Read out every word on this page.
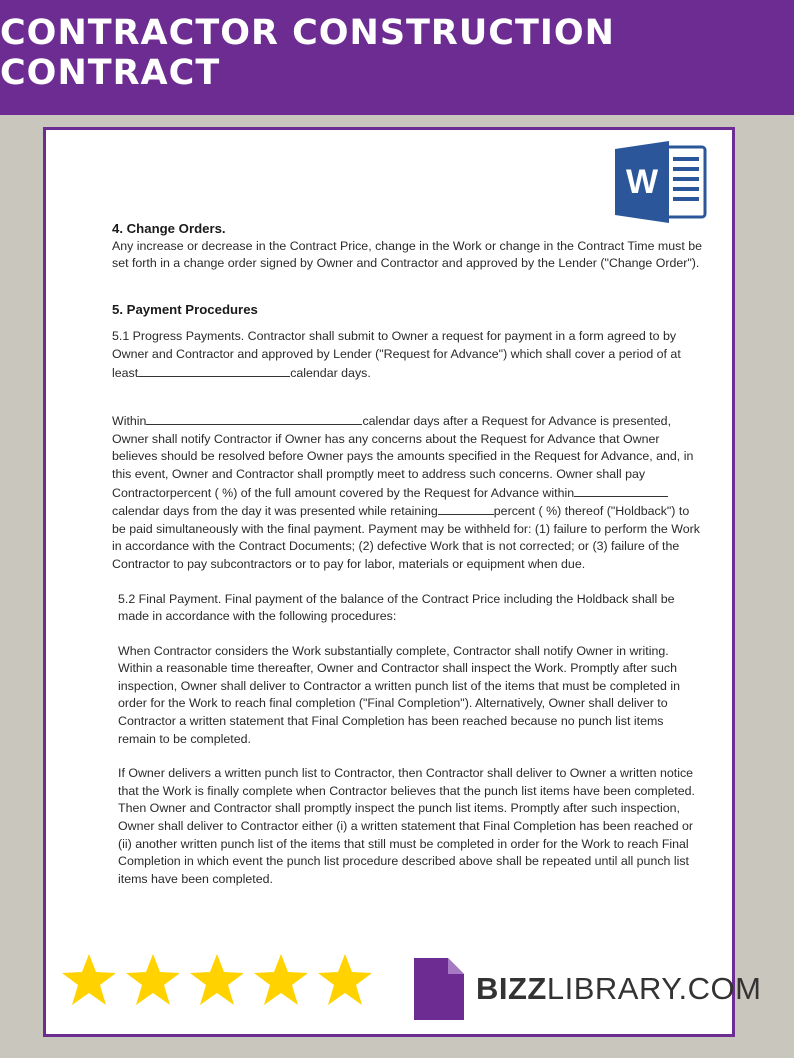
CONTRACTOR CONSTRUCTION CONTRACT
W

4. Change Orders.

Any increase or decrease in the Contract Price, change in the Work or change in the Contract Time must be set forth in a change order signed by Owner and Contractor and approved by the Lender ("Change Order").

5. Payment Procedures

5.1 Progress Payments. Contractor shall submit to Owner a request for payment in a form agreed to by Owner and Contractor and approved by Lender ("Request for Advance") which shall cover a period of at least	calendar days.

Within	calendar days after a Request for Advance is presented, Owner shall notify Contractor if Owner has any concerns about the Request for Advance that Owner believes should be resolved before Owner pays the amounts specified in the Request for Advance, and, in this event, Owner and Contractor shall promptly meet to address such concerns. Owner shall pay Contractorpercent ( %) of the full amount covered by the Request for Advance withincalendar days from the day it was presented while retaining	percent ( %) thereof ("Holdback") to be paid simultaneously with the final payment. Payment may be withheld for: (1) failure to perform the Work in accordance with the Contract Documents; (2) defective Work that is not corrected; or (3) failure of the Contractor to pay subcontractors or to pay for labor, materials or equipment when due.

5.2 Final Payment. Final payment of the balance of the Contract Price including the Holdback shall be made in accordance with the following procedures:

When Contractor considers the Work substantially complete, Contractor shall notify Owner in writing. Within a reasonable time thereafter, Owner and Contractor shall inspect the Work. Promptly after such inspection, Owner shall deliver to Contractor a written punch list of the items that must be completed in order for the Work to reach final completion ("Final Completion"). Alternatively, Owner shall deliver to Contractor a written statement that Final Completion has been reached because no punch list items remain to be completed.

If Owner delivers a written punch list to Contractor, then Contractor shall deliver to Owner a written notice that the Work is finally complete when Contractor believes that the punch list items have been completed. Then Owner and Contractor shall promptly inspect the punch list items. Promptly after such inspection, Owner shall deliver to Contractor either (i) a written statement that Final Completion has been reached or (ii) another written punch list of the items that still must be completed in order for the Work to reach Final Completion in which event the punch list procedure described above shall be repeated until all punch list items have been completed.

BIZZLIBRARY.COM
